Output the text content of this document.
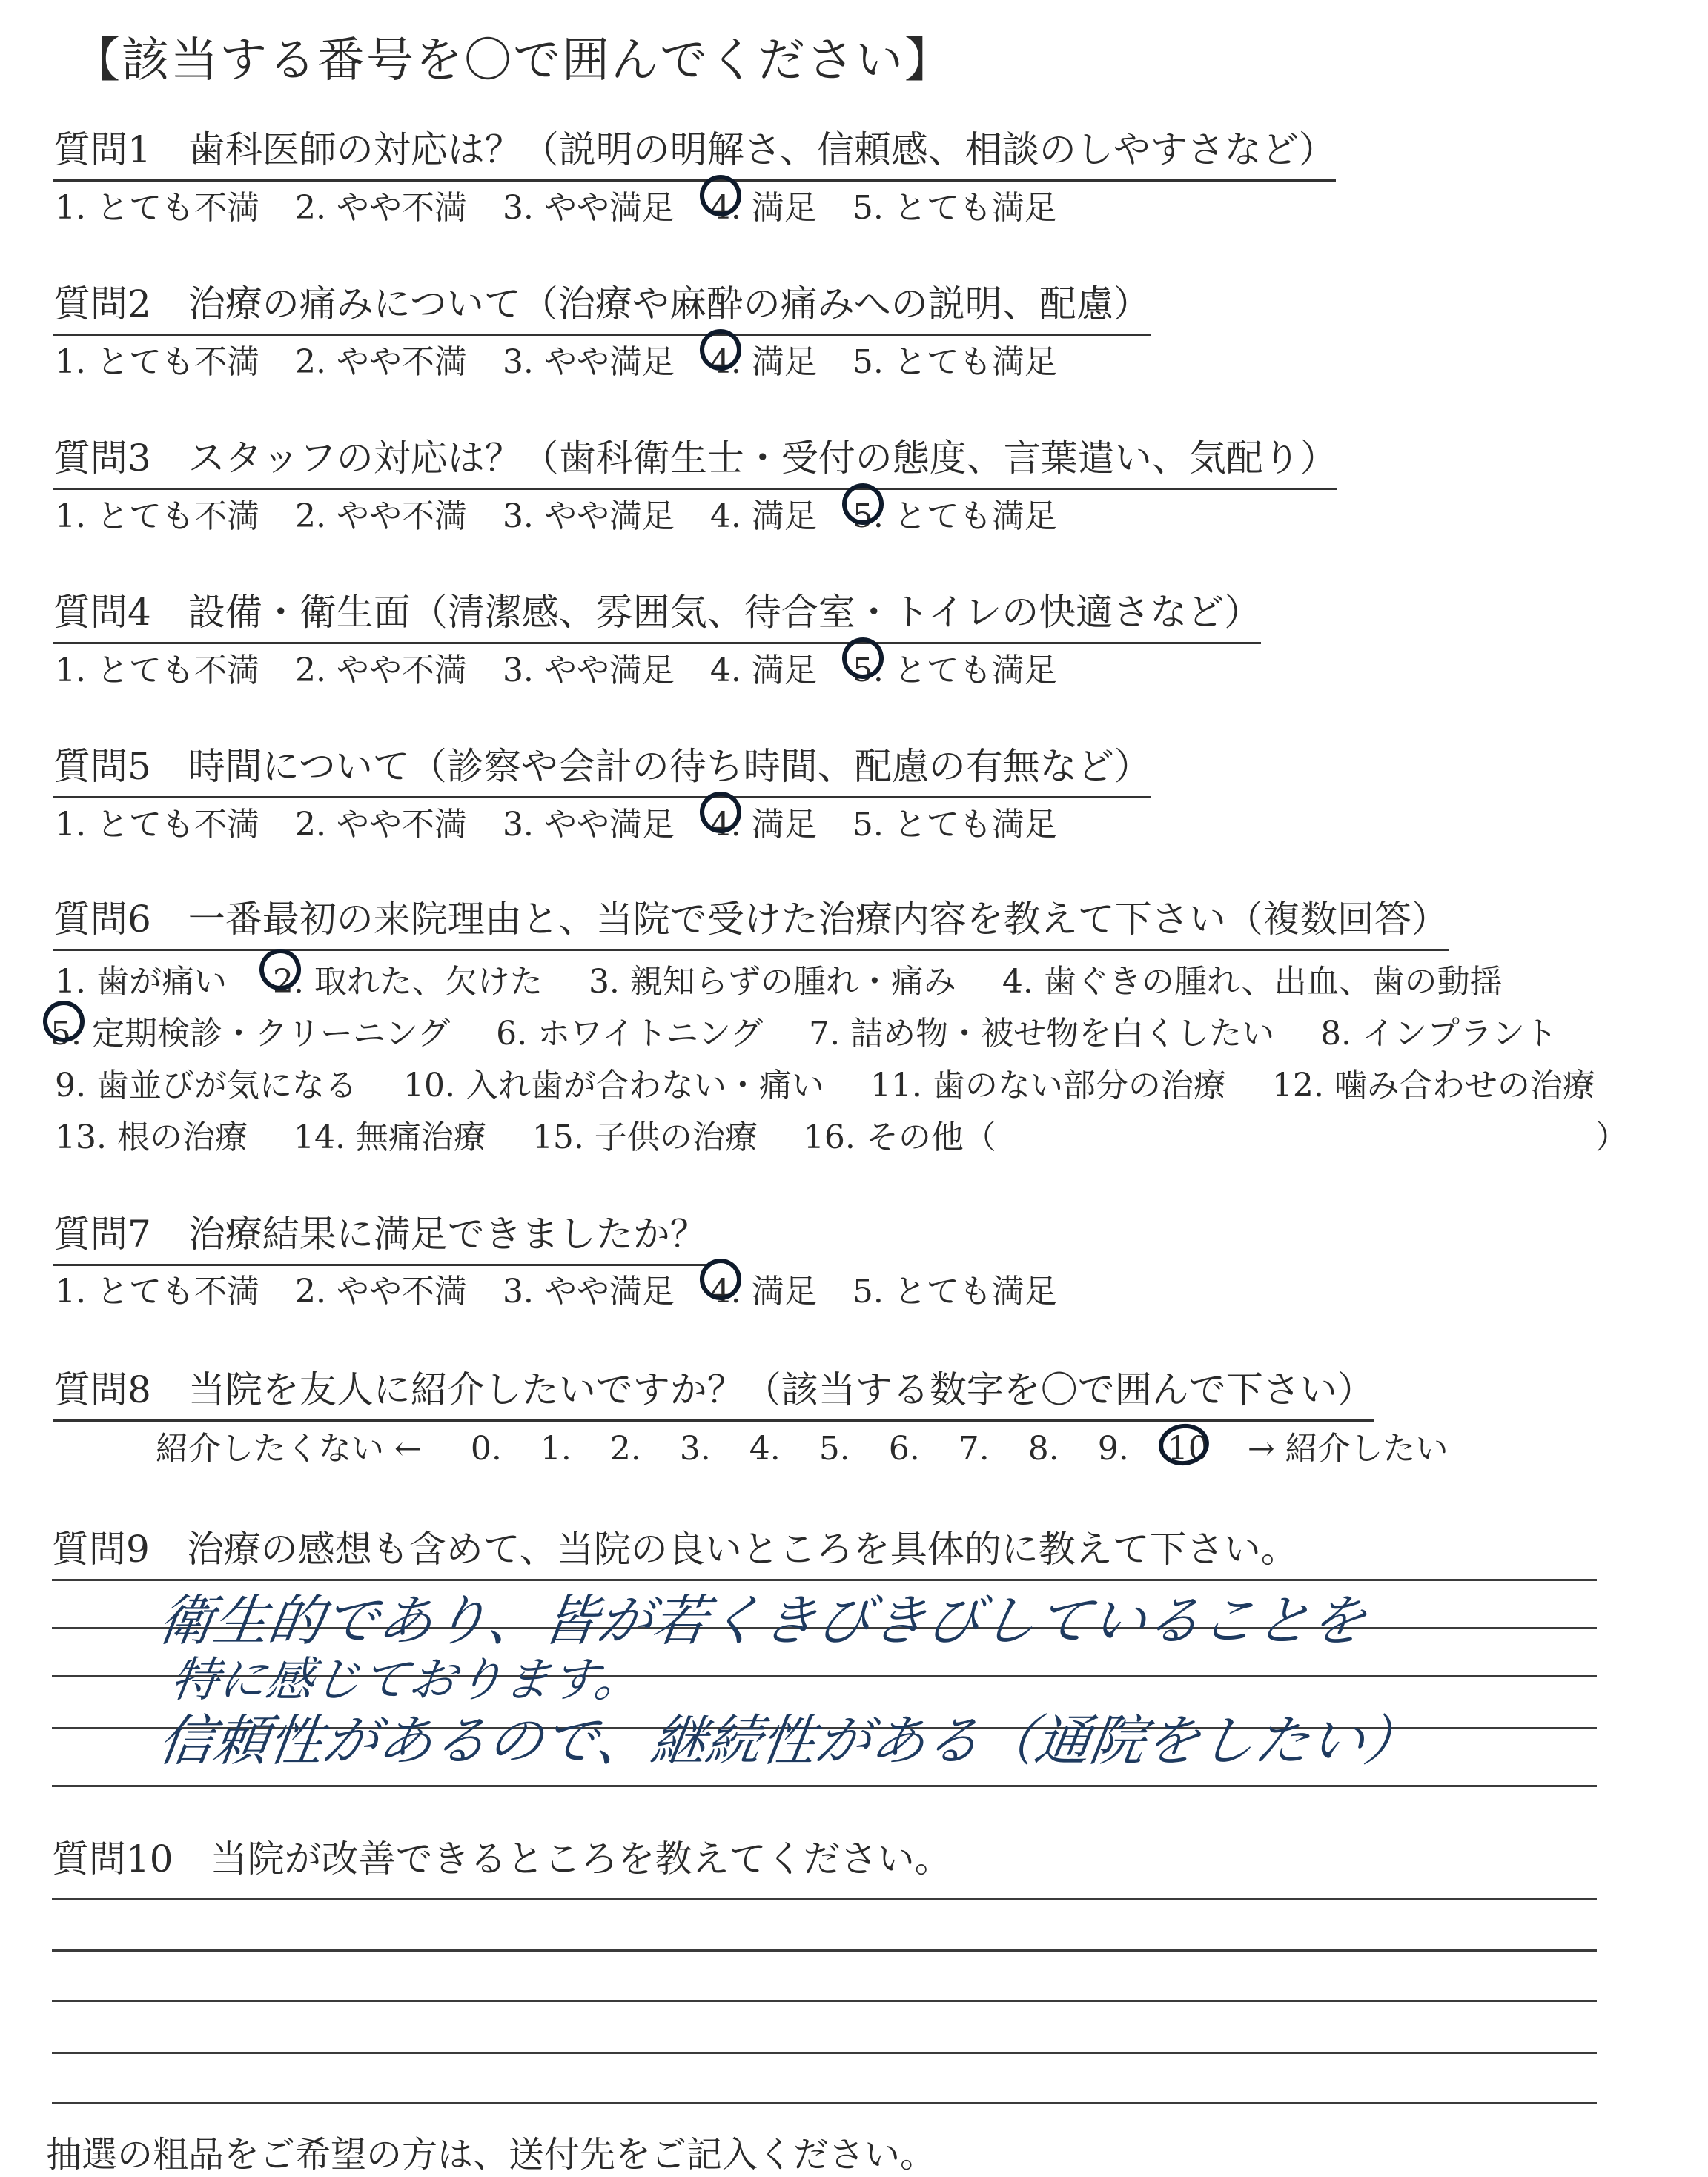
【該当する番号を〇で囲んでください】
質問1　歯科医師の対応は？（説明の明解さ、信頼感、相談のしやすさなど）
1. とても不満 2. やや不満 3. やや満足 4. 満足 5. とても満足
質問2　治療の痛みについて（治療や麻酔の痛みへの説明、配慮）
1. とても不満 2. やや不満 3. やや満足 4. 満足 5. とても満足
質問3　スタッフの対応は？（歯科衛生士・受付の態度、言葉遣い、気配り）
1. とても不満 2. やや不満 3. やや満足 4. 満足 5. とても満足
質問4　設備・衛生面（清潔感、雰囲気、待合室・トイレの快適さなど）
1. とても不満 2. やや不満 3. やや満足 4. 満足 5. とても満足
質問5　時間について（診察や会計の待ち時間、配慮の有無など）
1. とても不満 2. やや不満 3. やや満足 4. 満足 5. とても満足
質問6　一番最初の来院理由と、当院で受けた治療内容を教えて下さい（複数回答）
1. 歯が痛い 2. 取れた、欠けた 3. 親知らずの腫れ・痛み 4. 歯ぐきの腫れ、出血、歯の動揺
5. 定期検診・クリーニング 6. ホワイトニング 7. 詰め物・被せ物を白くしたい 8. インプラント
9. 歯並びが気になる 10. 入れ歯が合わない・痛い 11. 歯のない部分の治療 12. 噛み合わせの治療
13. 根の治療 14. 無痛治療 15. 子供の治療 16. その他（	）
質問7　治療結果に満足できましたか？
1. とても不満 2. やや不満 3. やや満足 4. 満足 5. とても満足
質問8　当院を友人に紹介したいですか？（該当する数字を〇で囲んで下さい）
紹介したくない ← 0. 1. 2. 3. 4. 5. 6. 7. 8. 9. 10 → 紹介したい
質問9　治療の感想も含めて、当院の良いところを具体的に教えて下さい。
衛生的であり、皆が若くきびきびしていることを
特に感じております。
信頼性があるので、継続性がある（通院をしたい）
質問10　当院が改善できるところを教えてください。
抽選の粗品をご希望の方は、送付先をご記入ください。
